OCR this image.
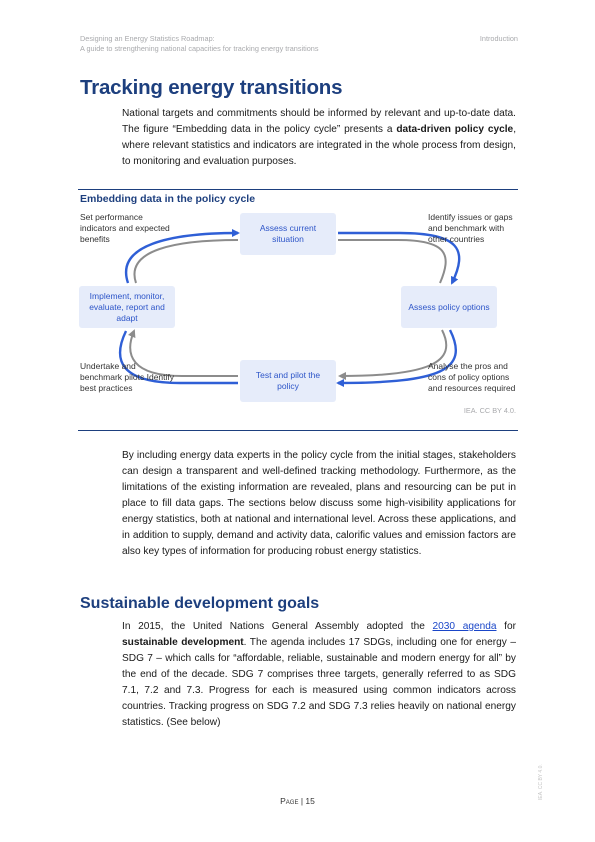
Designing an Energy Statistics Roadmap:
A guide to strengthening national capacities for tracking energy transitions
Introduction
Tracking energy transitions

National targets and commitments should be informed by relevant and up-to-date data. The figure “Embedding data in the policy cycle” presents a data-driven policy cycle, where relevant statistics and indicators are integrated in the whole process from design, to monitoring and evaluation purposes.

Embedding data in the policy cycle
Assess current situation
Assess policy options
Test and pilot the policy
Implement, monitor, evaluate, report and adapt

Set performance indicators and expected benefits

Identify issues or gaps and benchmark with other countries

Undertake and benchmark pilots Identify best practices

Analyse the pros and cons of policy options and resources required

IEA. CC BY 4.0.

By including energy data experts in the policy cycle from the initial stages, stakeholders can design a transparent and well-defined tracking methodology. Furthermore, as the limitations of the existing information are revealed, plans and resourcing can be put in place to fill data gaps. The sections below discuss some high-visibility applications for energy statistics, both at national and international level. Across these applications, and in addition to supply, demand and activity data, calorific values and emission factors are also key types of information for producing robust energy statistics.

Sustainable development goals

In 2015, the United Nations General Assembly adopted the 2030 agenda for sustainable development. The agenda includes 17 SDGs, including one for energy – SDG 7 – which calls for “affordable, reliable, sustainable and modern energy for all” by the end of the decade. SDG 7 comprises three targets, generally referred to as SDG 7.1, 7.2 and 7.3. Progress for each is measured using common indicators across countries. Tracking progress on SDG 7.2 and SDG 7.3 relies heavily on national energy statistics. (See below)

Page | 15
IEA. CC BY 4.0.
